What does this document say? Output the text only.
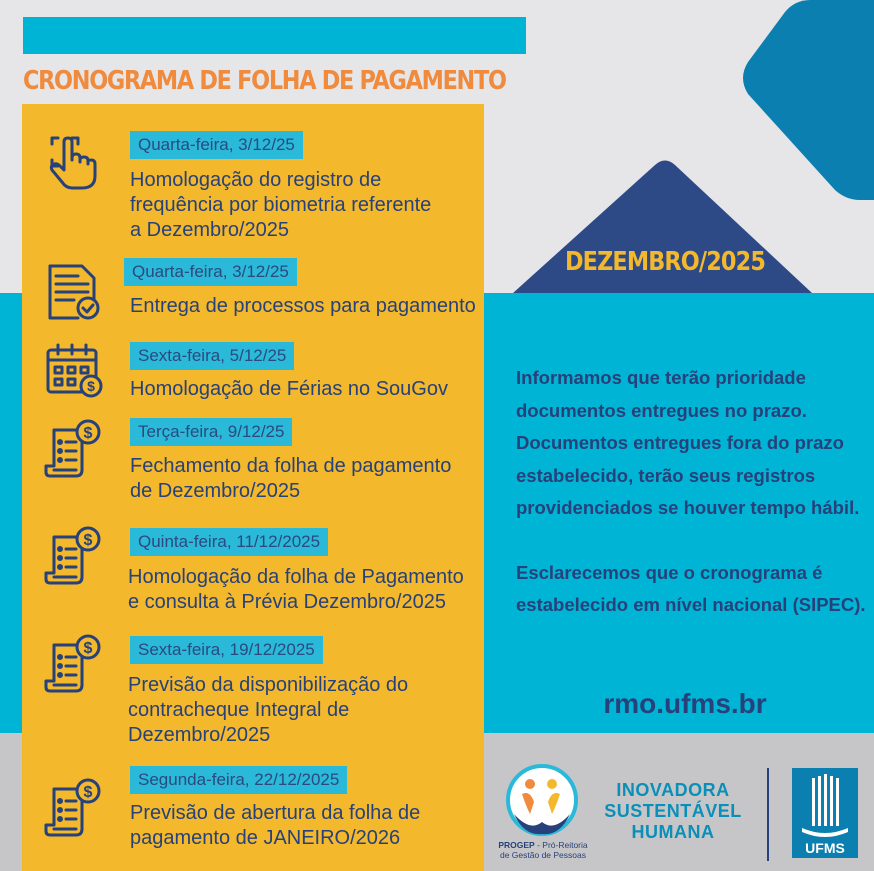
CRONOGRAMA DE FOLHA DE PAGAMENTO
Quarta-feira, 3/12/25
Homologação do registro de
frequência por biometria referente
a Dezembro/2025
Quarta-feira, 3/12/25
Entrega de processos para pagamento
$
Sexta-feira, 5/12/25
Homologação de Férias no SouGov
$	Terça-feira, 9/12/25
Fechamento da folha de pagamento
de Dezembro/2025
$	Quinta-feira, 11/12/2025
Homologação da folha de Pagamento
e consulta à Prévia Dezembro/2025
$	Sexta-feira, 19/12/2025
Previsão da disponibilização do
contracheque Integral de
Dezembro/2025
$
Segunda-feira, 22/12/2025
Previsão de abertura da folha de
pagamento de JANEIRO/2026
DEZEMBRO/2025

Informamos que terão prioridade
documentos entregues no prazo.
Documentos entregues fora do prazo
estabelecido, terão seus registros
providenciados se houver tempo hábil.

Esclarecemos que o cronograma é
estabelecido em nível nacional (SIPEC).

rmo.ufms.br
PROGEP - Pró-Reitoria
de Gestão de Pessoas
INOVADORA
SUSTENTÁVEL
HUMANA
UFMS
